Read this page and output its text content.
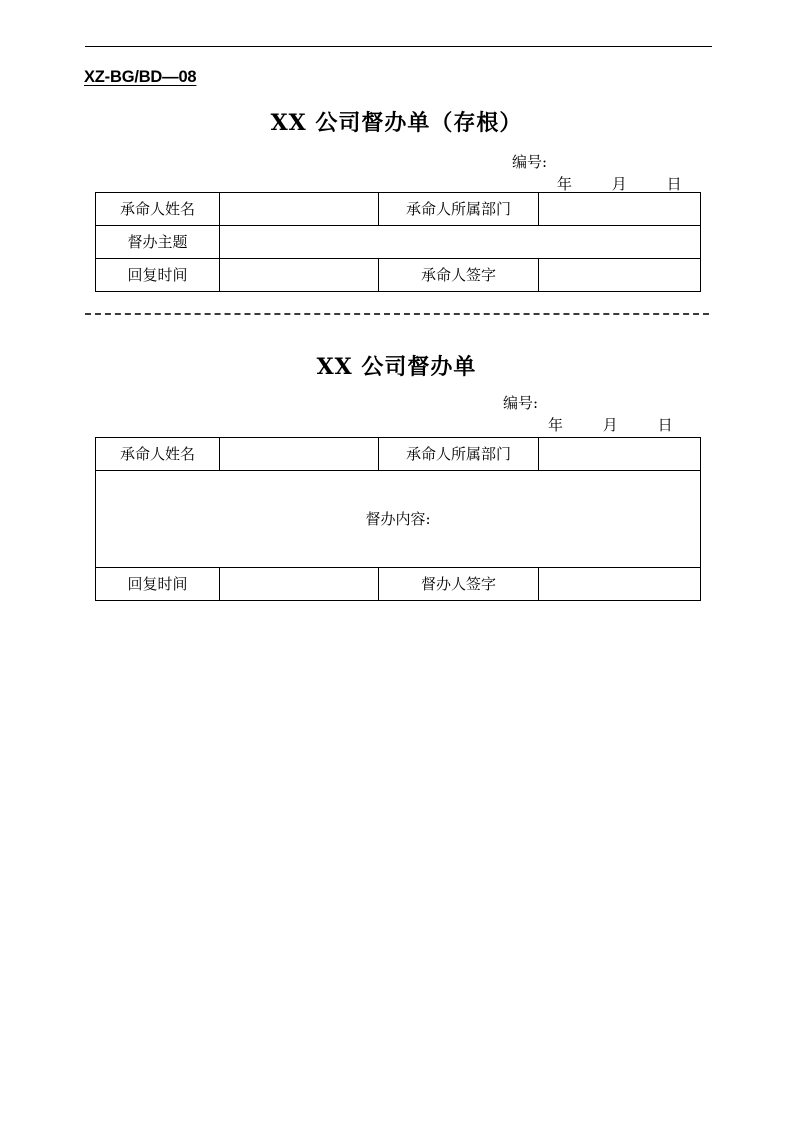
XZ-BG/BD—08
XX 公司督办单（存根）
编号:
年	月	日
承命人姓名		承命人所属部门	
督办主题			
回复时间		承命人签字	
XX 公司督办单
编号:
年	月	日
承命人姓名		承命人所属部门	
督办内容:			
回复时间		督办人签字	
